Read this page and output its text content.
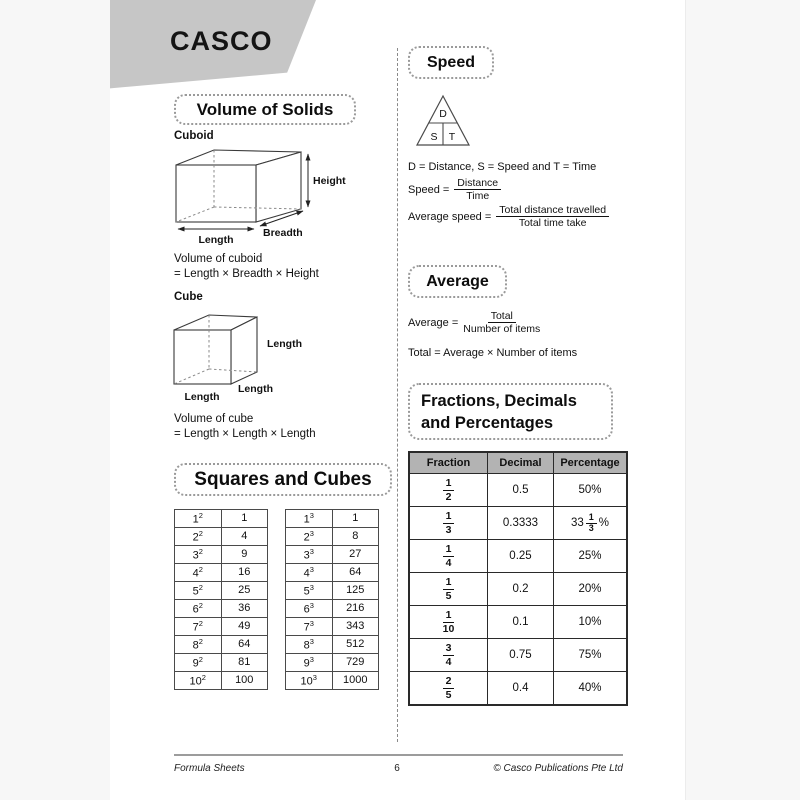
CASCO
Volume of Solids
Cuboid
Height
Length
Breadth
Volume of cuboid
= Length × Breadth × Height
Cube
Length
Length
Length
Volume of cube
= Length × Length × Length
Squares and Cubes
$1^2$	1
$2^2$	4
$3^2$	9
$4^2$	16
$5^2$	25
$6^2$	36
$7^2$	49
$8^2$	64
$9^2$	81
$10^2$	100
$1^3$	1
$2^3$	8
$3^3$	27
$4^3$	64
$5^3$	125
$6^3$	216
$7^3$	343
$8^3$	512
$9^3$	729
$10^3$	1000
Speed
D
S T
D = Distance, S = Speed and T = Time
Speed = $\frac{\text{Distance}}{\text{Time}}$
Average speed = $\frac{\text{Total distance travelled}}{\text{Total time take}}$
Average
Average = $\frac{\text{Total}}{\text{Number of items}}$
Total = Average × Number of items
Fractions, Decimals
and Percentages
Fraction	Decimal	Percentage

$\frac{1}{2}$	0.5	50%

$\frac{1}{3}$	0.3333	$33 \frac{1}{3}$ %

$\frac{1}{4}$	0.25	25%

$\frac{1}{5}$	0.2	20%

$\frac{1}{10}$	0.1	10%

$\frac{3}{4}$	0.75	75%

$\frac{2}{5}$	0.4	40%
Formula Sheets	6	© Casco Publications Pte Ltd
